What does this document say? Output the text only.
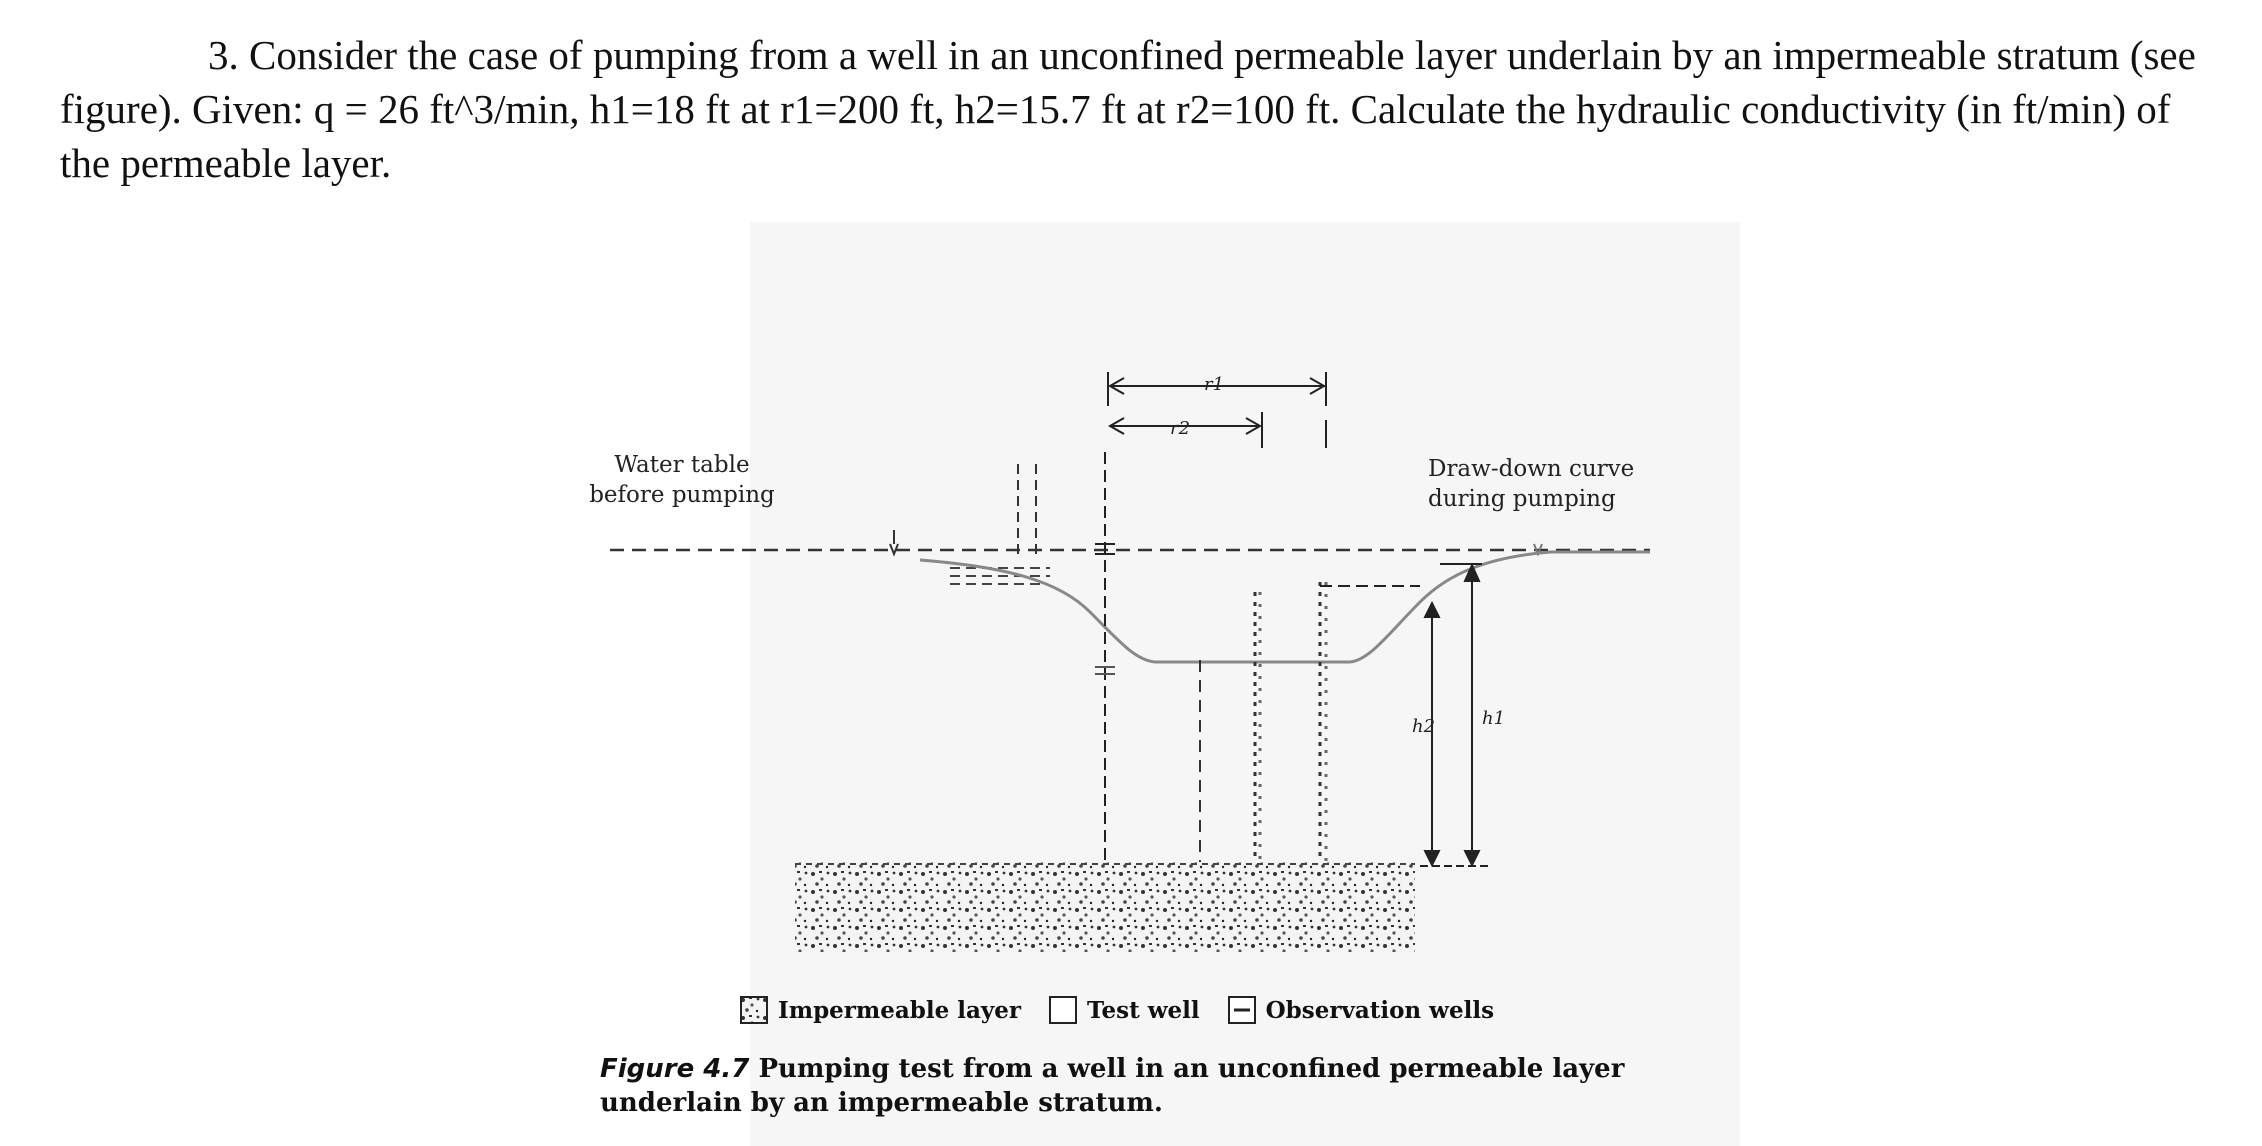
3. Consider the case of pumping from a well in an unconfined permeable layer underlain by an impermeable stratum (see figure). Given: q = 26 ft^3/min, h1=18 ft at r1=200 ft, h2=15.7 ft at r2=100 ft. Calculate the hydraulic conductivity (in ft/min) of the permeable layer.

Water table
before pumping
Draw-down curve
during pumping
r1
r2
h1
h2
Impermeable layer	Test well	Observation wells
Figure 4.7 Pumping test from a well in an unconfined permeable layer underlain by an impermeable stratum.
